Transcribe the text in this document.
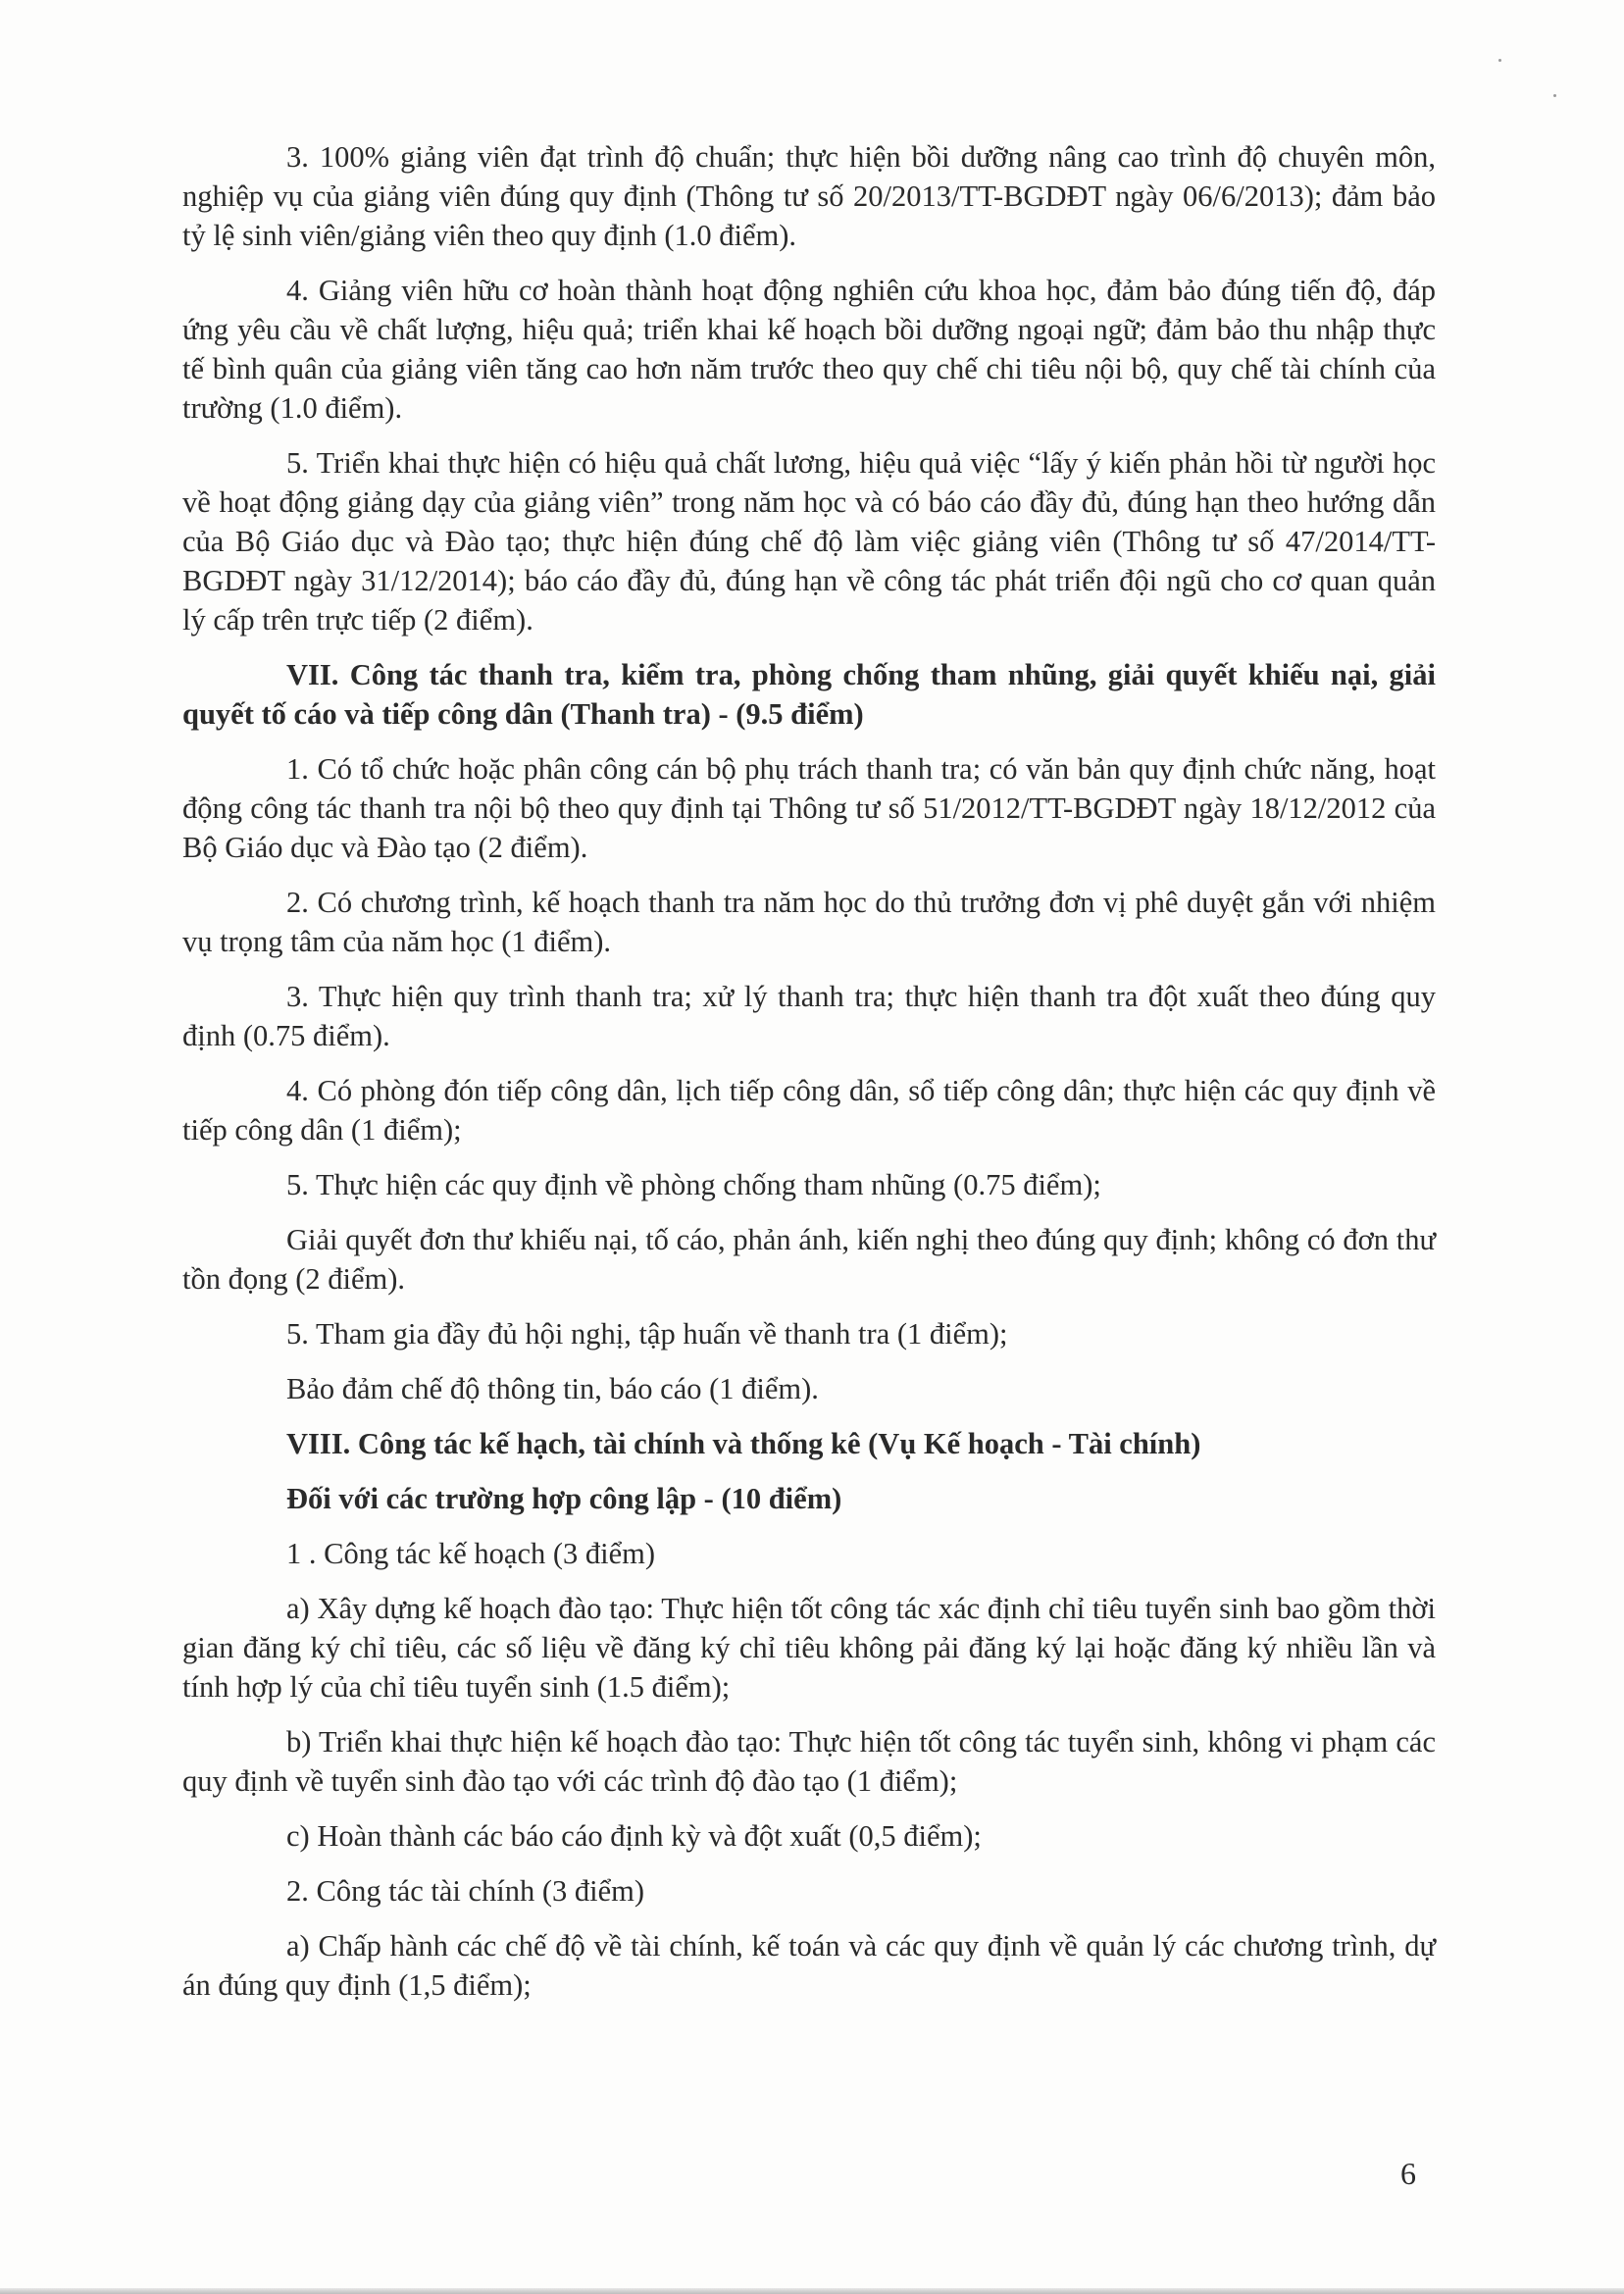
3. 100% giảng viên đạt trình độ chuẩn; thực hiện bồi dưỡng nâng cao trình độ chuyên môn, nghiệp vụ của giảng viên đúng quy định (Thông tư số 20/2013/TT-BGDĐT ngày 06/6/2013); đảm bảo tỷ lệ sinh viên/giảng viên theo quy định (1.0 điểm).

4. Giảng viên hữu cơ hoàn thành hoạt động nghiên cứu khoa học, đảm bảo đúng tiến độ, đáp ứng yêu cầu về chất lượng, hiệu quả; triển khai kế hoạch bồi dưỡng ngoại ngữ; đảm bảo thu nhập thực tế bình quân của giảng viên tăng cao hơn năm trước theo quy chế chi tiêu nội bộ, quy chế tài chính của trường (1.0 điểm).

5. Triển khai thực hiện có hiệu quả chất lương, hiệu quả việc “lấy ý kiến phản hồi từ người học về hoạt động giảng dạy của giảng viên” trong năm học và có báo cáo đầy đủ, đúng hạn theo hướng dẫn của Bộ Giáo dục và Đào tạo; thực hiện đúng chế độ làm việc giảng viên (Thông tư số 47/2014/TT-BGDĐT ngày 31/12/2014); báo cáo đầy đủ, đúng hạn về công tác phát triển đội ngũ cho cơ quan quản lý cấp trên trực tiếp (2 điểm).

VII. Công tác thanh tra, kiểm tra, phòng chống tham nhũng, giải quyết khiếu nại, giải quyết tố cáo và tiếp công dân (Thanh tra) - (9.5 điểm)

1. Có tổ chức hoặc phân công cán bộ phụ trách thanh tra; có văn bản quy định chức năng, hoạt động công tác thanh tra nội bộ theo quy định tại Thông tư số 51/2012/TT-BGDĐT ngày 18/12/2012 của Bộ Giáo dục và Đào tạo (2 điểm).

2. Có chương trình, kế hoạch thanh tra năm học do thủ trưởng đơn vị phê duyệt gắn với nhiệm vụ trọng tâm của năm học (1 điểm).

3. Thực hiện quy trình thanh tra; xử lý thanh tra; thực hiện thanh tra đột xuất theo đúng quy định (0.75 điểm).

4. Có phòng đón tiếp công dân, lịch tiếp công dân, sổ tiếp công dân; thực hiện các quy định về tiếp công dân (1 điểm);

5. Thực hiện các quy định về phòng chống tham nhũng (0.75 điểm);

Giải quyết đơn thư khiếu nại, tố cáo, phản ánh, kiến nghị theo đúng quy định; không có đơn thư tồn đọng (2 điểm).

5. Tham gia đầy đủ hội nghị, tập huấn về thanh tra (1 điểm);

Bảo đảm chế độ thông tin, báo cáo (1 điểm).

VIII. Công tác kế hạch, tài chính và thống kê (Vụ Kế hoạch - Tài chính)

Đối với các trường hợp công lập - (10 điểm)

1 . Công tác kế hoạch (3 điểm)

a) Xây dựng kế hoạch đào tạo: Thực hiện tốt công tác xác định chỉ tiêu tuyển sinh bao gồm thời gian đăng ký chỉ tiêu, các số liệu về đăng ký chỉ tiêu không pải đăng ký lại hoặc đăng ký nhiều lần và tính hợp lý của chỉ tiêu tuyển sinh (1.5 điểm);

b) Triển khai thực hiện kế hoạch đào tạo: Thực hiện tốt công tác tuyển sinh, không vi phạm các quy định về tuyển sinh đào tạo với các trình độ đào tạo (1 điểm);

c) Hoàn thành các báo cáo định kỳ và đột xuất (0,5 điểm);

2. Công tác tài chính (3 điểm)

a) Chấp hành các chế độ về tài chính, kế toán và các quy định về quản lý các chương trình, dự án đúng quy định (1,5 điểm);

6
